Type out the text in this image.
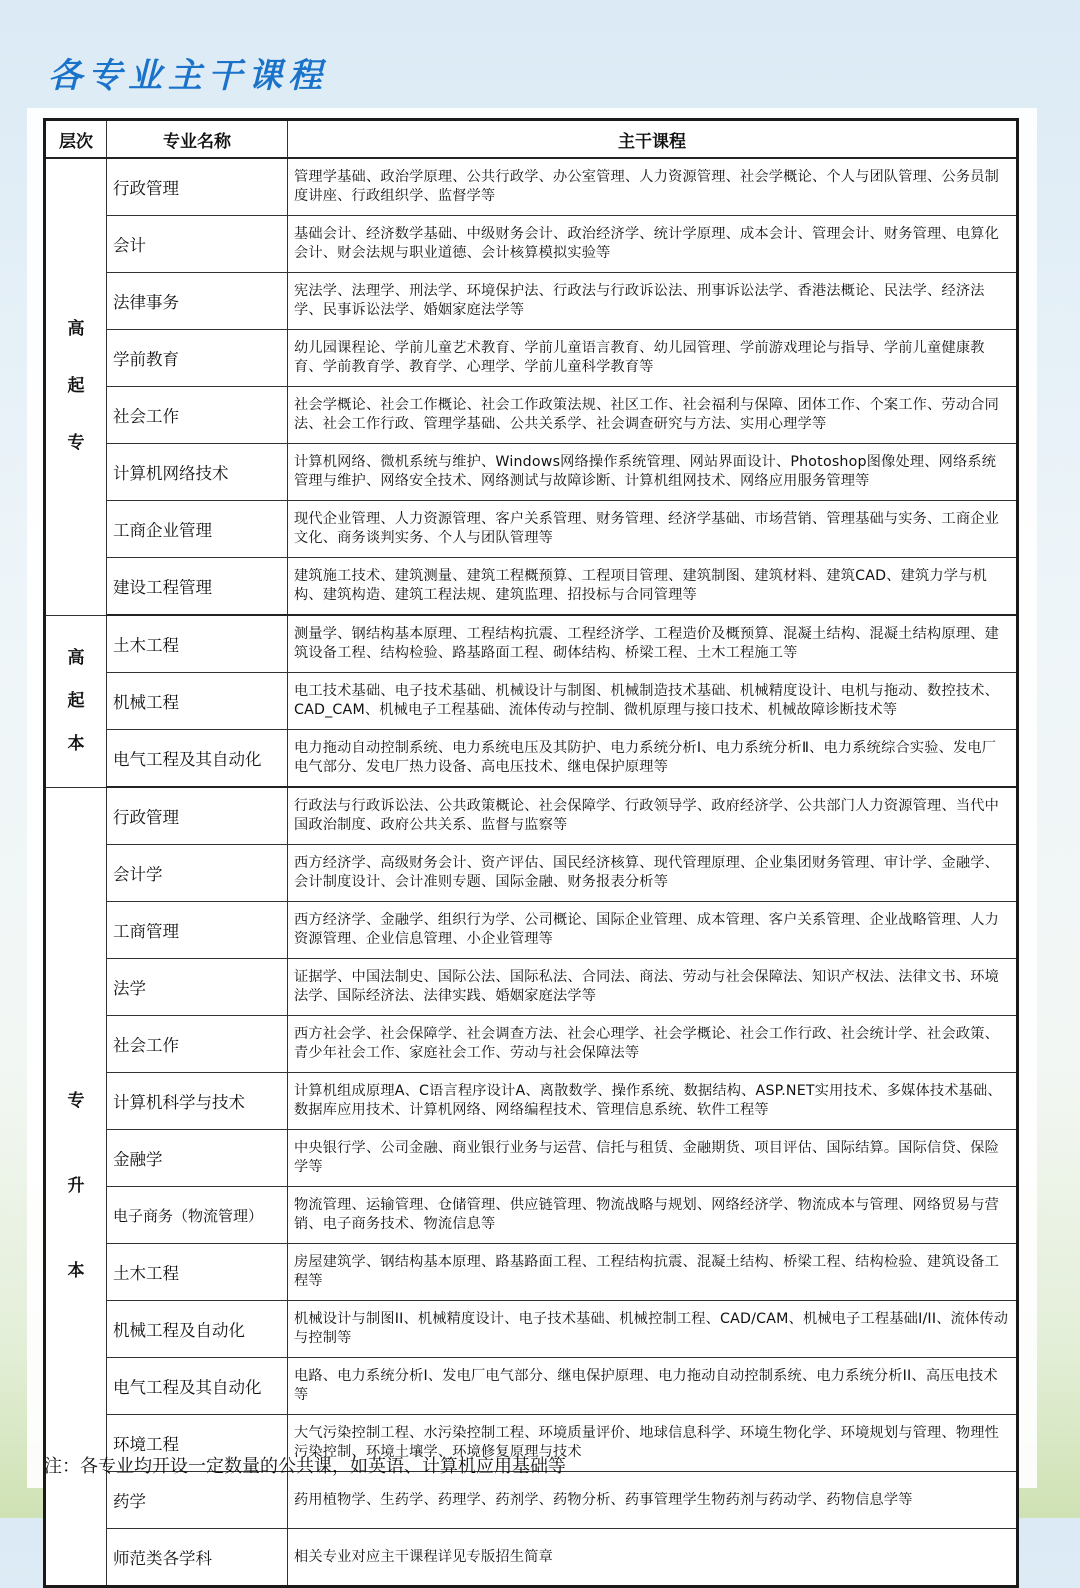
各专业主干课程
层次	专业名称	主干课程

高
起
专	行政管理	管理学基础、政治学原理、公共行政学、办公室管理、人力资源管理、社会学概论、个人与团队管理、公务员制度讲座、行政组织学、监督学等
	会计	基础会计、经济数学基础、中级财务会计、政治经济学、统计学原理、成本会计、管理会计、财务管理、电算化会计、财会法规与职业道德、会计核算模拟实验等
	法律事务	宪法学、法理学、刑法学、环境保护法、行政法与行政诉讼法、刑事诉讼法学、香港法概论、民法学、经济法学、民事诉讼法学、婚姻家庭法学等
	学前教育	幼儿园课程论、学前儿童艺术教育、学前儿童语言教育、幼儿园管理、学前游戏理论与指导、学前儿童健康教育、学前教育学、教育学、心理学、学前儿童科学教育等
	社会工作	社会学概论、社会工作概论、社会工作政策法规、社区工作、社会福利与保障、团体工作、个案工作、劳动合同法、社会工作行政、管理学基础、公共关系学、社会调查研究与方法、实用心理学等
	计算机网络技术	计算机网络、微机系统与维护、Windows网络操作系统管理、网站界面设计、Photoshop图像处理、网络系统管理与维护、网络安全技术、网络测试与故障诊断、计算机组网技术、网络应用服务管理等
	工商企业管理	现代企业管理、人力资源管理、客户关系管理、财务管理、经济学基础、市场营销、管理基础与实务、工商企业文化、商务谈判实务、个人与团队管理等
	建设工程管理	建筑施工技术、建筑测量、建筑工程概预算、工程项目管理、建筑制图、建筑材料、建筑CAD、建筑力学与机构、建筑构造、建筑工程法规、建筑监理、招投标与合同管理等

高
起
本	土木工程	测量学、钢结构基本原理、工程结构抗震、工程经济学、工程造价及概预算、混凝土结构、混凝土结构原理、建筑设备工程、结构检验、路基路面工程、砌体结构、桥梁工程、土木工程施工等
	机械工程	电工技术基础、电子技术基础、机械设计与制图、机械制造技术基础、机械精度设计、电机与拖动、数控技术、CAD_CAM、机械电子工程基础、流体传动与控制、微机原理与接口技术、机械故障诊断技术等
	电气工程及其自动化	电力拖动自动控制系统、电力系统电压及其防护、电力系统分析Ⅰ、电力系统分析Ⅱ、电力系统综合实验、发电厂电气部分、发电厂热力设备、高电压技术、继电保护原理等

专
升
本	行政管理	行政法与行政诉讼法、公共政策概论、社会保障学、行政领导学、政府经济学、公共部门人力资源管理、当代中国政治制度、政府公共关系、监督与监察等
	会计学	西方经济学、高级财务会计、资产评估、国民经济核算、现代管理原理、企业集团财务管理、审计学、金融学、会计制度设计、会计准则专题、国际金融、财务报表分析等
	工商管理	西方经济学、金融学、组织行为学、公司概论、国际企业管理、成本管理、客户关系管理、企业战略管理、人力资源管理、企业信息管理、小企业管理等
	法学	证据学、中国法制史、国际公法、国际私法、合同法、商法、劳动与社会保障法、知识产权法、法律文书、环境法学、国际经济法、法律实践、婚姻家庭法学等
	社会工作	西方社会学、社会保障学、社会调查方法、社会心理学、社会学概论、社会工作行政、社会统计学、社会政策、青少年社会工作、家庭社会工作、劳动与社会保障法等
	计算机科学与技术	计算机组成原理A、C语言程序设计A、离散数学、操作系统、数据结构、ASP.NET实用技术、多媒体技术基础、数据库应用技术、计算机网络、网络编程技术、管理信息系统、软件工程等
	金融学	中央银行学、公司金融、商业银行业务与运营、信托与租赁、金融期货、项目评估、国际结算。国际信贷、保险学等
	电子商务（物流管理）	物流管理、运输管理、仓储管理、供应链管理、物流战略与规划、网络经济学、物流成本与管理、网络贸易与营销、电子商务技术、物流信息等
	土木工程	房屋建筑学、钢结构基本原理、路基路面工程、工程结构抗震、混凝土结构、桥梁工程、结构检验、建筑设备工程等
	机械工程及自动化	机械设计与制图II、机械精度设计、电子技术基础、机械控制工程、CAD/CAM、机械电子工程基础I/II、流体传动与控制等
	电气工程及其自动化	电路、电力系统分析I、发电厂电气部分、继电保护原理、电力拖动自动控制系统、电力系统分析II、高压电技术等
	环境工程	大气污染控制工程、水污染控制工程、环境质量评价、地球信息科学、环境生物化学、环境规划与管理、物理性污染控制、环境土壤学、环境修复原理与技术
	药学	药用植物学、生药学、药理学、药剂学、药物分析、药事管理学生物药剂与药动学、药物信息学等
	师范类各学科	相关专业对应主干课程详见专版招生简章

注：各专业均开设一定数量的公共课，如英语、计算机应用基础等
